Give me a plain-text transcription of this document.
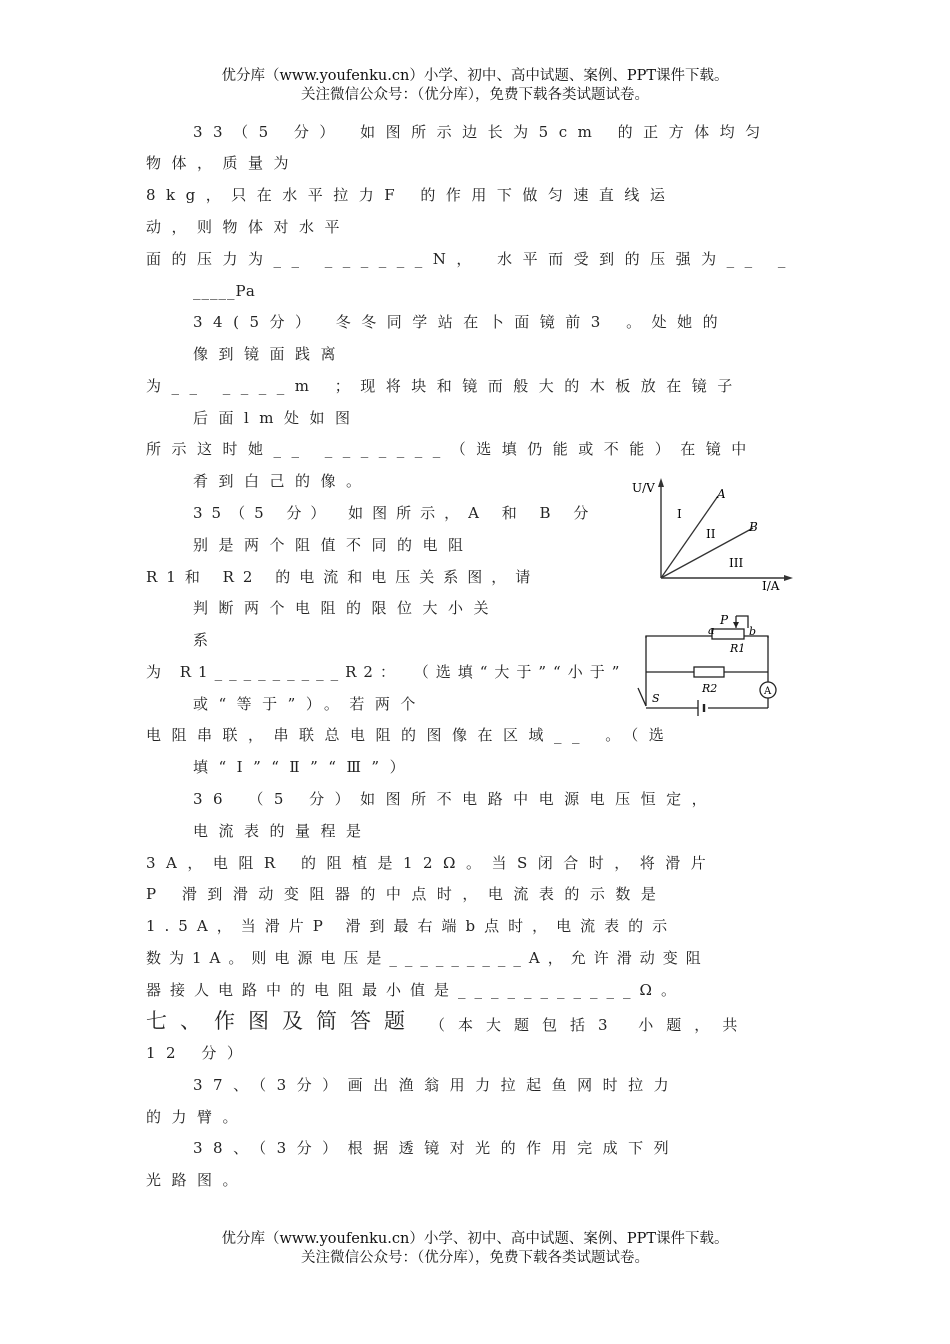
优分库（www.youfenku.cn）小学、初中、高中试题、案例、PPT课件下载。
关注微信公众号：（优分库），免费下载各类试题试卷。
33（5 分） 如图所示边长为5cm 的正方体均匀
物体，质量为
8kg，只在水平拉力F 的作用下做匀速直线运
动，则物体对水平
面的压力为__ ______N， 水平而受到的压强为__ _
_____Pa
34(5分） 冬冬同学站在卜面镜前3 。处她的
像到镜面践离
为__ ____m ；现将块和镜而般大的木板放在镜子
后面lm处如图
所示这时她__ _______（选填仍能或不能）在镜中
肴到白己的像。
35（5 分） 如图所示，A 和 B 分
别是两个阻值不同的电阻
R1和 R2 的电流和电压关系图，请
判断两个电阻的限位大小关
系
为 R1_________R2： （选填“大于”“小于”
或“等于”）。若两个
电阻串联，串联总电阻的图像在区域__ 。（选
填“Ⅰ”“Ⅱ”“Ⅲ”）
36 （5 分）如图所不电路中电源电压恒定，
电流表的量程是
3A，电阻R 的阻植是12Ω。当S闭合时，将滑片
P 滑到滑动变阻器的中点时，电流表的示数是
1.5A，当滑片P 滑到最右端b点时，电流表的示
数为1A。则电源电压是_________A，允许滑动变阻
器接人电路中的电阻最小值是___________Ω。
七、作图及简答题 （本大题包括3 小题，共
12 分）
37、（3分）画出渔翁用力拉起鱼网时拉力
的力臂。
38、（3分）根据透镜对光的作用完成下列
光路图。
U/V
I/A
A
B
I
II
III
P
a	b
R1
R2	A
S
优分库（www.youfenku.cn）小学、初中、高中试题、案例、PPT课件下载。
关注微信公众号：（优分库），免费下载各类试题试卷。
